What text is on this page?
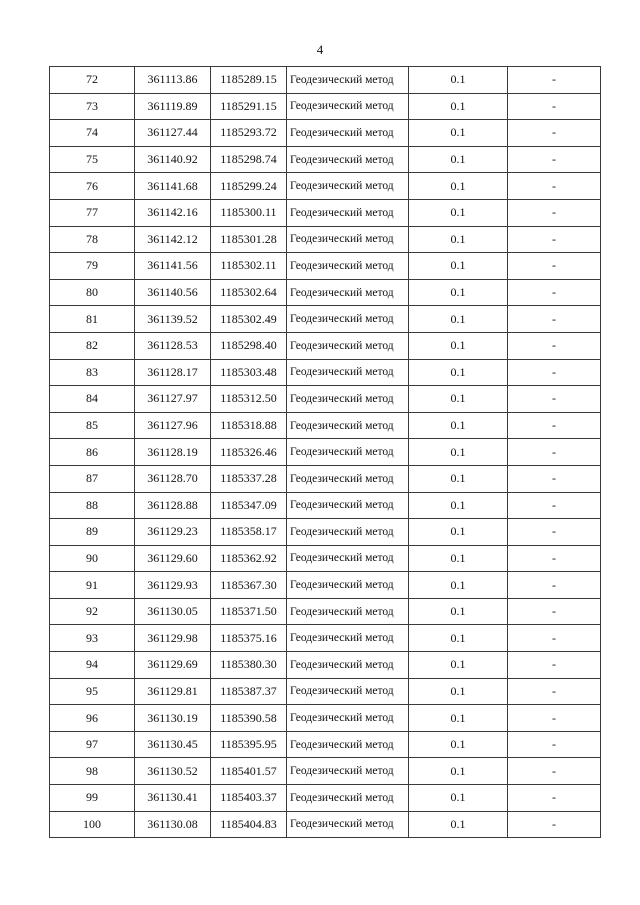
4
72	361113.86	1185289.15	Геодезический метод	0.1	-
73	361119.89	1185291.15	Геодезический метод	0.1	-
74	361127.44	1185293.72	Геодезический метод	0.1	-
75	361140.92	1185298.74	Геодезический метод	0.1	-
76	361141.68	1185299.24	Геодезический метод	0.1	-
77	361142.16	1185300.11	Геодезический метод	0.1	-
78	361142.12	1185301.28	Геодезический метод	0.1	-
79	361141.56	1185302.11	Геодезический метод	0.1	-
80	361140.56	1185302.64	Геодезический метод	0.1	-
81	361139.52	1185302.49	Геодезический метод	0.1	-
82	361128.53	1185298.40	Геодезический метод	0.1	-
83	361128.17	1185303.48	Геодезический метод	0.1	-
84	361127.97	1185312.50	Геодезический метод	0.1	-
85	361127.96	1185318.88	Геодезический метод	0.1	-
86	361128.19	1185326.46	Геодезический метод	0.1	-
87	361128.70	1185337.28	Геодезический метод	0.1	-
88	361128.88	1185347.09	Геодезический метод	0.1	-
89	361129.23	1185358.17	Геодезический метод	0.1	-
90	361129.60	1185362.92	Геодезический метод	0.1	-
91	361129.93	1185367.30	Геодезический метод	0.1	-
92	361130.05	1185371.50	Геодезический метод	0.1	-
93	361129.98	1185375.16	Геодезический метод	0.1	-
94	361129.69	1185380.30	Геодезический метод	0.1	-
95	361129.81	1185387.37	Геодезический метод	0.1	-
96	361130.19	1185390.58	Геодезический метод	0.1	-
97	361130.45	1185395.95	Геодезический метод	0.1	-
98	361130.52	1185401.57	Геодезический метод	0.1	-
99	361130.41	1185403.37	Геодезический метод	0.1	-
100	361130.08	1185404.83	Геодезический метод	0.1	-
